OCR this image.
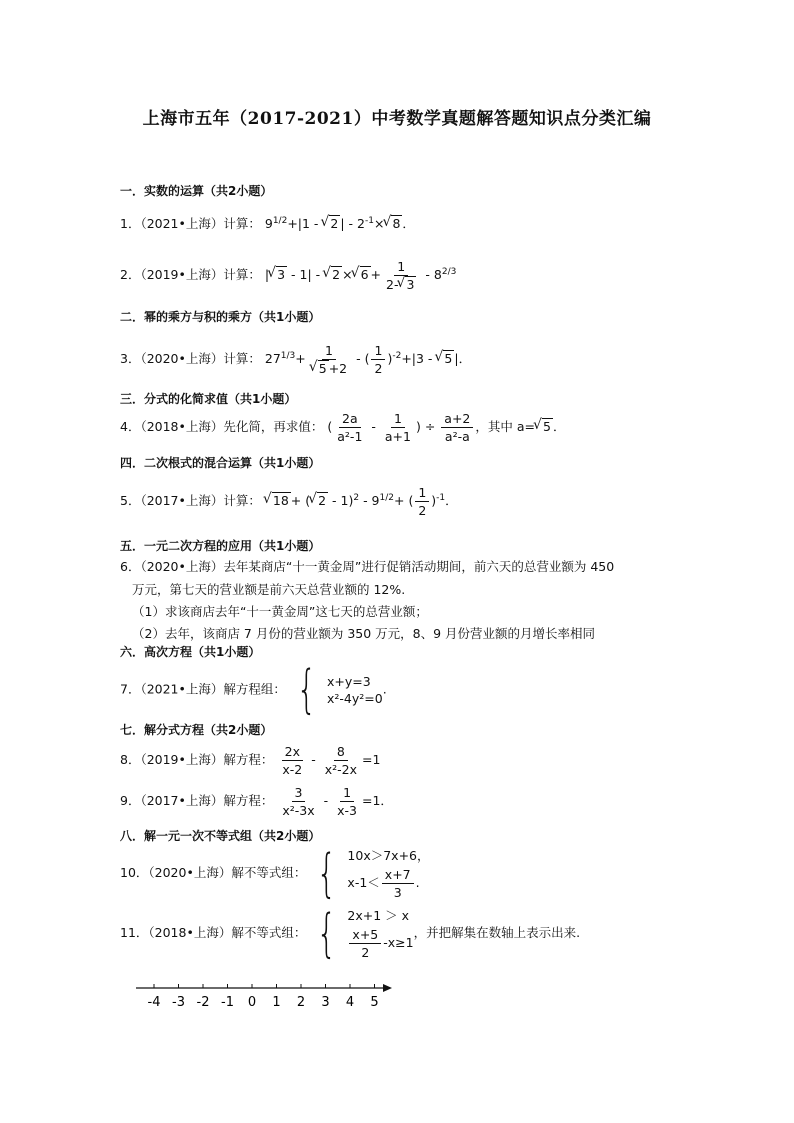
上海市五年（2017-2021）中考数学真题解答题知识点分类汇编
一．实数的运算（共2小题）
1．（2021•上海）计算： $9^{1/2}+|1$ - √ 2 | - $2^{-1}\times√$ 8 ．
2．（2019•上海）计算： |√ 3 - 1| - √ 2 ×√ $6 + \frac{1}{2-√ 3} - 8^{2/3}$
二．幂的乘方与积的乘方（共1小题）
3．（2020•上海）计算： $27^{1/3}+ 1$
√ 5 +2 - ( $\frac{1}{2} )^{-2}+|3$ - √ 5 |．
三．分式的化简求值（共1小题）
4．（2018•上海）先化简，再求值： ( $\frac{2a}{\text{a²-1}} - \frac{1}{a+1}$ ) ÷ $\frac{a+2}{\text{a²-a}}$ ，其中 a=√ 5 ．
四．二次根式的混合运算（共1小题）
5．（2017•上海）计算： √ 18 + (√ $2 - 1)^2 - 9^{1/2}+$ ( $\frac{1}{2} )^{-1}$．
五．一元二次方程的应用（共1小题）
6．（2020•上海）去年某商店“十一黄金周”进行促销活动期间，前六天的总营业额为 450
万元，第七天的营业额是前六天总营业额的 12%.
（1）求该商店去年“十一黄金周”这七天的总营业额；
（2）去年，该商店 7 月份的营业额为 350 万元，8、9 月份营业额的月增长率相同
六．高次方程（共1小题）
7．（2021•上海）解方程组： { x+y=3
x²-4y²=0
.
七．解分式方程（共2小题）
8．（2019•上海）解方程： $\frac{2x}{x-2} - \frac{8}{\text{x²-2x}} =1$
9．（2017•上海）解方程： $\frac{3}{\text{x²-3x}} - \frac{1}{x-3} =1$．
八．解一元一次不等式组（共2小题）
10．（2020•上海）解不等式组： { 10x＞7x+6，
$x-1< \frac{x+7}{3}$ .
11．（2018•上海）解不等式组： { 2x+1 ＞ x
$\frac{x+5}{2} -x\ge 1$
，并把解集在数轴上表示出来.
-4 -3 -2 -1 0 1 2 3 4 5
